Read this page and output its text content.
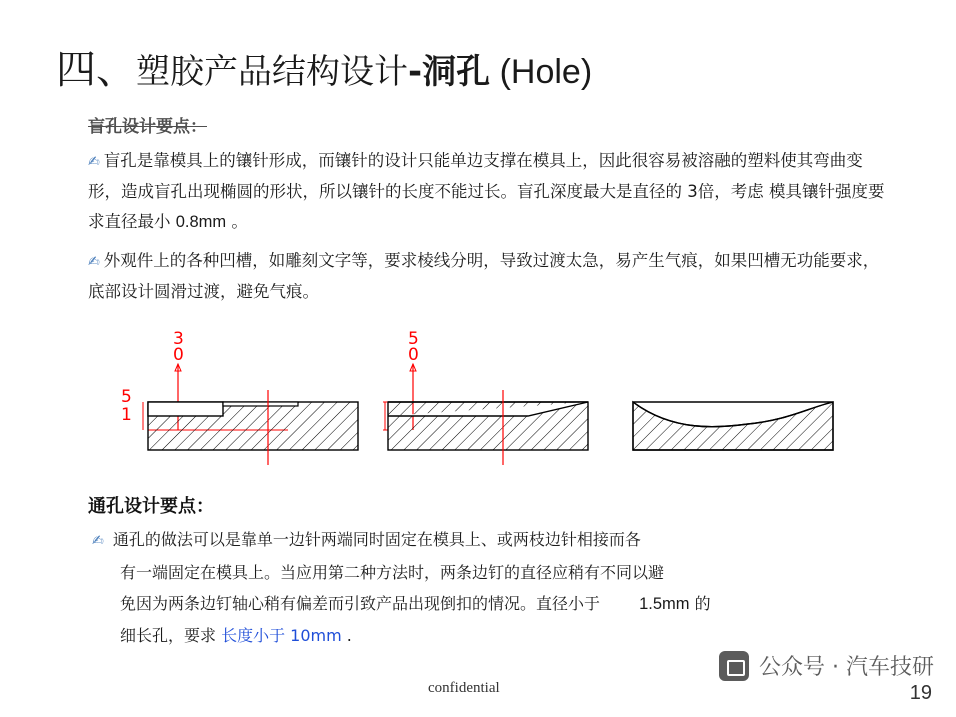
四、塑胶产品结构设计-洞孔 (Hole)
盲孔设计要点：
✍ 盲孔是靠模具上的镶针形成，而镶针的设计只能单边支撑在模具上，因此很容易被溶融的塑料使其弯曲变形，造成盲孔出现椭圆的形状，所以镶针的长度不能过长。盲孔深度最大是直径的 3倍，考虑 模具镶针强度要求直径最小 0.8mm 。
✍ 外观件上的各种凹槽，如雕刻文字等，要求棱线分明，导致过渡太急，易产生气痕，如果凹槽无功能要求，底部设计圆滑过渡，避免气痕。
3
0
5
1
5
0
通孔设计要点：
✍ 通孔的做法可以是靠单一边针两端同时固定在模具上、或两枝边针相接而各
有一端固定在模具上。当应用第二种方法时，两条边钉的直径应稍有不同以避
免因为两条边钉轴心稍有偏差而引致产品出现倒扣的情况。直径小于 1.5mm 的
细长孔，要求 长度小于 10mm .
confidential	19
公众号 · 汽车技研
